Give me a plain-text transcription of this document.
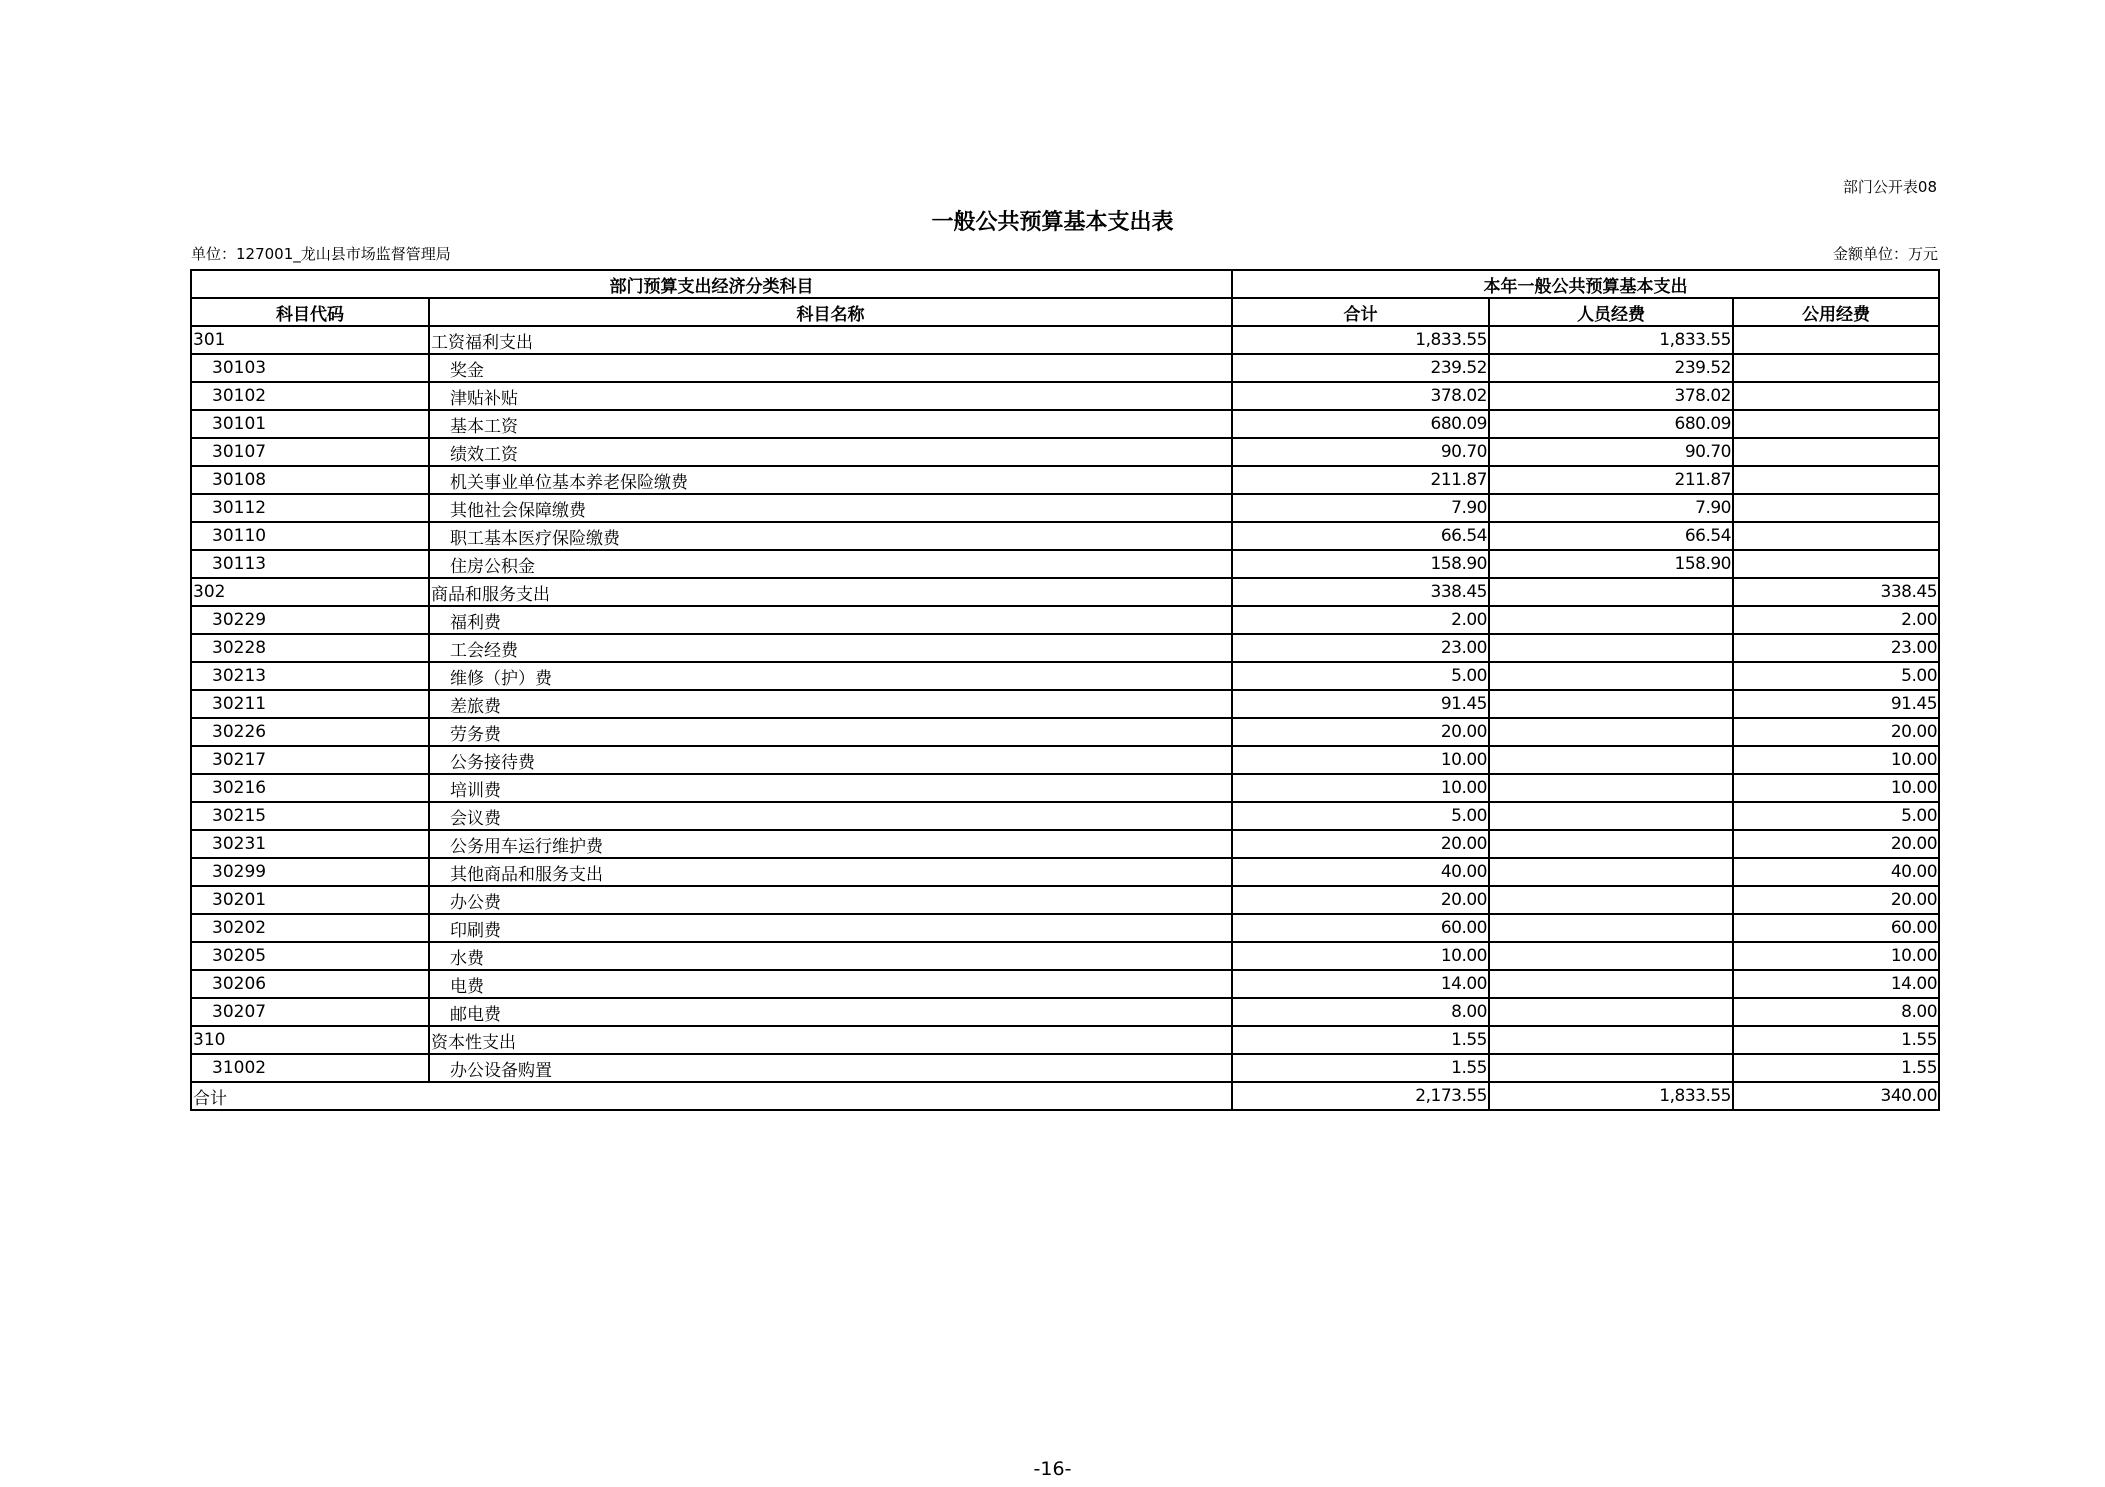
部门公开表08
一般公共预算基本支出表
单位：127001_龙山县市场监督管理局	金额单位：万元
部门预算支出经济分类科目		本年一般公共预算基本支出		
科目代码	科目名称	合计	人员经费	公用经费
301	工资福利支出	1,833.55	1,833.55	
30103	奖金	239.52	239.52	
30102	津贴补贴	378.02	378.02	
30101	基本工资	680.09	680.09	
30107	绩效工资	90.70	90.70	
30108	机关事业单位基本养老保险缴费	211.87	211.87	
30112	其他社会保障缴费	7.90	7.90	
30110	职工基本医疗保险缴费	66.54	66.54	
30113	住房公积金	158.90	158.90	
302	商品和服务支出	338.45		338.45
30229	福利费	2.00		2.00
30228	工会经费	23.00		23.00
30213	维修（护）费	5.00		5.00
30211	差旅费	91.45		91.45
30226	劳务费	20.00		20.00
30217	公务接待费	10.00		10.00
30216	培训费	10.00		10.00
30215	会议费	5.00		5.00
30231	公务用车运行维护费	20.00		20.00
30299	其他商品和服务支出	40.00		40.00
30201	办公费	20.00		20.00
30202	印刷费	60.00		60.00
30205	水费	10.00		10.00
30206	电费	14.00		14.00
30207	邮电费	8.00		8.00
310	资本性支出	1.55		1.55
31002	办公设备购置	1.55		1.55
合计		2,173.55	1,833.55	340.00
-16-
